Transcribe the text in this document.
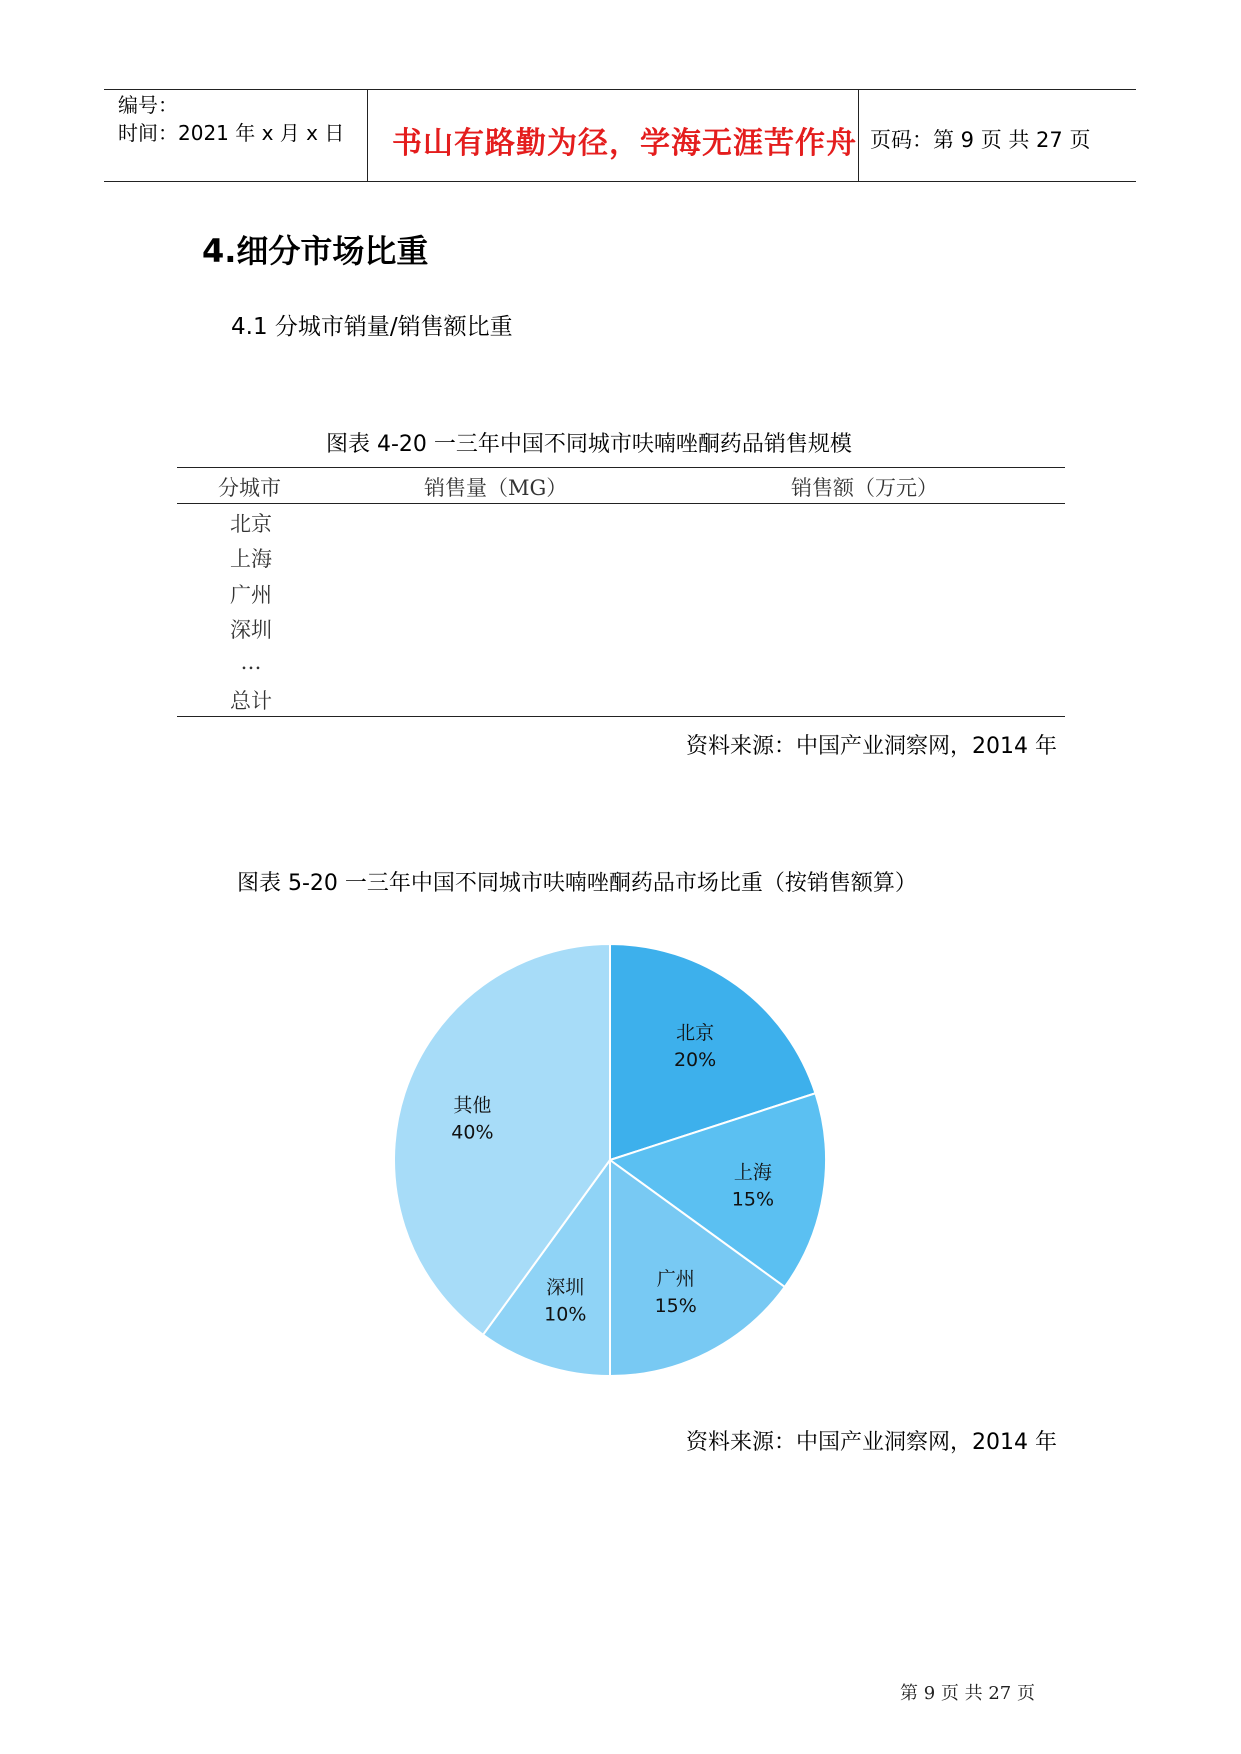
编号：
时间：2021 年 x 月 x 日 书山有路勤为径，学海无涯苦作舟 页码：第 9 页 共 27 页
4.细分市场比重
4.1 分城市销量/销售额比重
图表 4-20 一三年中国不同城市呋喃唑酮药品销售规模
分城市	销售量（MG）	销售额（万元）
北京
上海
广州
深圳
…
总计
资料来源：中国产业洞察网，2014 年
图表 5-20 一三年中国不同城市呋喃唑酮药品市场比重（按销售额算）
北京
20%
上海
15%
广州
15%
深圳
10%
其他
40%
资料来源：中国产业洞察网，2014 年
第 9 页 共 27 页
